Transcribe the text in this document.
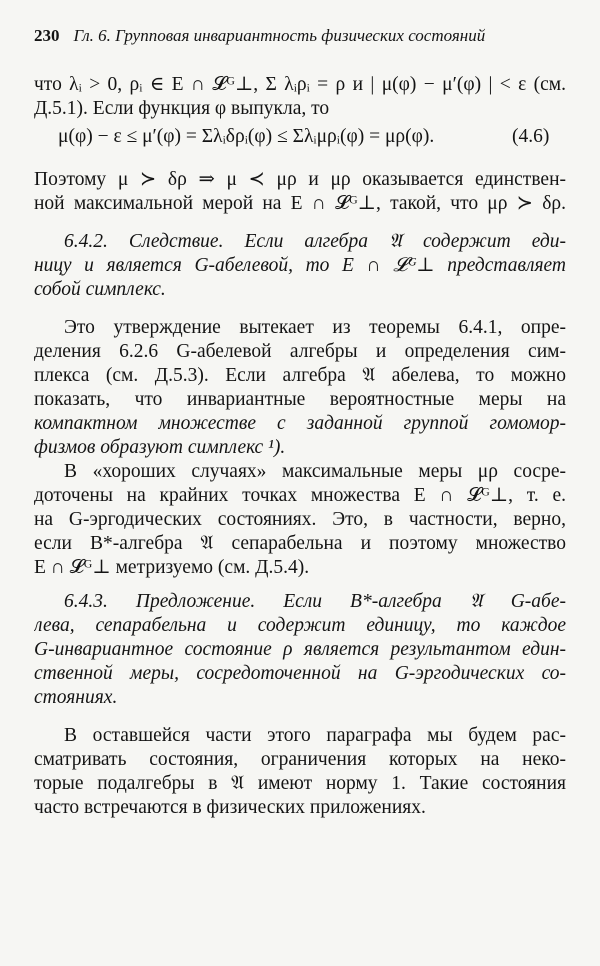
230 Гл. 6. Групповая инвариантность физических состояний
что λᵢ > 0, ρᵢ ∈ E ∩ 𝓛ᴳ⊥, Σ λᵢρᵢ = ρ и | μ(φ) − μ′(φ) | < ε (см.
Д.5.1). Если функция φ выпукла, то
μ(φ) − ε ≤ μ′(φ) = Σλᵢδρᵢ(φ) ≤ Σλᵢμρᵢ(φ) = μρ(φ).	(4.6)
Поэтому μ ≻ δρ ⇒ μ ≺ μρ и μρ оказывается единствен-
ной максимальной мерой на E ∩ 𝓛ᴳ⊥, такой, что μρ ≻ δρ.
6.4.2. Следствие. Если алгебра 𝔄 содержит еди-
ницу и является G-абелевой, то E ∩ 𝓛ᴳ⊥ представляет
собой симплекс.
Это утверждение вытекает из теоремы 6.4.1, опре-
деления 6.2.6 G-абелевой алгебры и определения сим-
плекса (см. Д.5.3). Если алгебра 𝔄 абелева, то можно
показать, что инвариантные вероятностные меры на
компактном множестве с заданной группой гомомор-
физмов образуют симплекс ¹).
В «хороших случаях» максимальные меры μρ сосре-
доточены на крайних точках множества E ∩ 𝓛ᴳ⊥, т. е.
на G-эргодических состояниях. Это, в частности, верно,
если B*-алгебра 𝔄 сепарабельна и поэтому множество
E ∩ 𝓛ᴳ⊥ метризуемо (см. Д.5.4).
6.4.3. Предложение. Если B*-алгебра 𝔄 G-абе-
лева, сепарабельна и содержит единицу, то каждое
G-инвариантное состояние ρ является результантом един-
ственной меры, сосредоточенной на G-эргодических со-
стояниях.
В оставшейся части этого параграфа мы будем рас-
сматривать состояния, ограничения которых на неко-
торые подалгебры в 𝔄 имеют норму 1. Такие состояния
часто встречаются в физических приложениях.
